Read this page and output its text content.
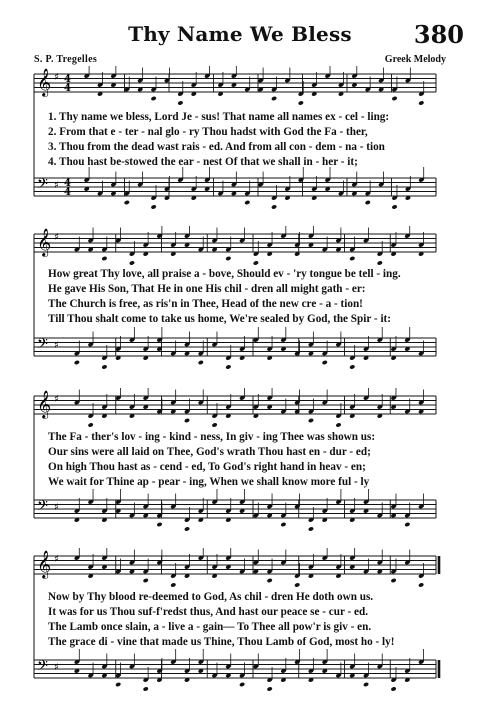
Thy Name We Bless	380
S. P. Tregelles	Greek Melody
𝄞 ♯ 4
4
𝄢 ♯ 4
4
1. Thy name we bless, Lord Je - sus! That name all names ex - cel - ling:
2. From that e - ter - nal glo - ry Thou hadst with God the Fa - ther,
3. Thou from the dead wast rais - ed. And from all con - dem - na - tion
4. Thou hast be-stowed the ear - nest Of that we shall in - her - it;
𝄞 ♯
𝄢 ♯
How great Thy love, all praise a - bove, Should ev - 'ry tongue be tell - ing.
He gave His Son, That He in one His chil - dren all might gath - er:
The Church is free, as ris'n in Thee, Head of the new cre - a - tion!
Till Thou shalt come to take us home, We're sealed by God, the Spir - it:
𝄞 ♯
𝄢 ♯
The Fa - ther's lov - ing - kind - ness, In giv - ing Thee was shown us:
Our sins were all laid on Thee, God's wrath Thou hast en - dur - ed;
On high Thou hast as - cend - ed, To God's right hand in heav - en;
We wait for Thine ap - pear - ing, When we shall know more ful - ly
𝄞 ♯
𝄢 ♯
Now by Thy blood re-deemed to God, As chil - dren He doth own us.
It was for us Thou suf-f'redst thus, And hast our peace se - cur - ed.
The Lamb once slain, a - live a - gain— To Thee all pow'r is giv - en.
The grace di - vine that made us Thine, Thou Lamb of God, most ho - ly!
